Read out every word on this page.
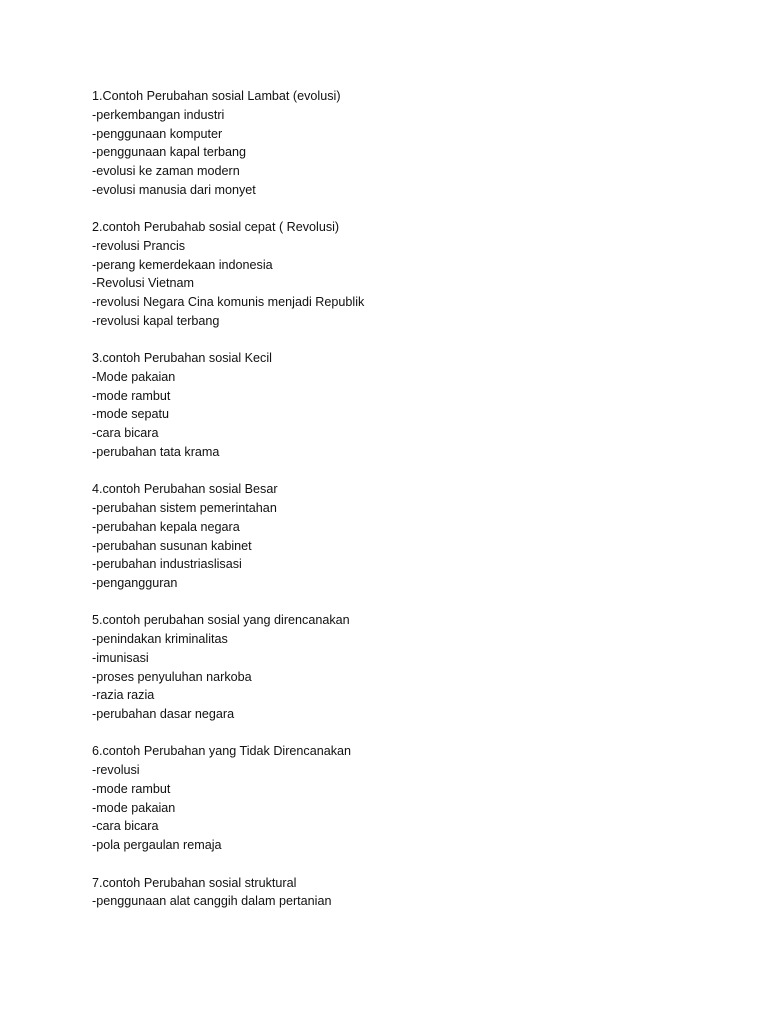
1.Contoh Perubahan sosial Lambat (evolusi)
-perkembangan industri
-penggunaan komputer
-penggunaan kapal terbang
-evolusi ke zaman modern
-evolusi manusia dari monyet
2.contoh Perubahab sosial cepat ( Revolusi)
-revolusi Prancis
-perang kemerdekaan indonesia
-Revolusi Vietnam
-revolusi Negara Cina komunis menjadi Republik
-revolusi kapal terbang
3.contoh Perubahan sosial Kecil
-Mode pakaian
-mode rambut
-mode sepatu
-cara bicara
-perubahan tata krama
4.contoh Perubahan sosial Besar
-perubahan sistem pemerintahan
-perubahan kepala negara
-perubahan susunan kabinet
-perubahan industriaslisasi
-pengangguran
5.contoh perubahan sosial yang direncanakan
-penindakan kriminalitas
-imunisasi
-proses penyuluhan narkoba
-razia razia
-perubahan dasar negara
6.contoh Perubahan yang Tidak Direncanakan
-revolusi
-mode rambut
-mode pakaian
-cara bicara
-pola pergaulan remaja
7.contoh Perubahan sosial struktural
-penggunaan alat canggih dalam pertanian
